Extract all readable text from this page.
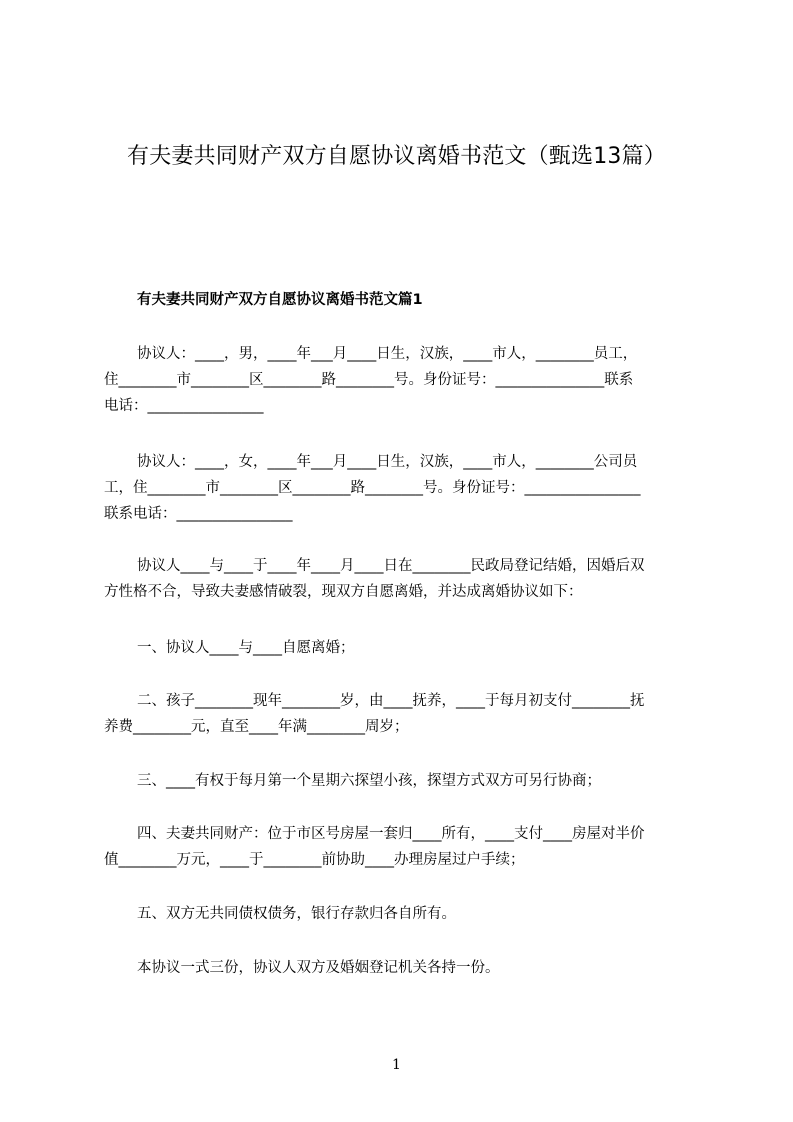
有夫妻共同财产双方自愿协议离婚书范文（甄选13篇）
有夫妻共同财产双方自愿协议离婚书范文篇1
协议人：____，男，____年___月____日生，汉族，____市人，________员工，
住________市________区________路________号。身份证号：_______________联系
电话：________________
协议人：____，女，____年___月____日生，汉族，____市人，________公司员
工，住________市________区________路________号。身份证号：________________
联系电话：________________
协议人____与____于____年____月____日在________民政局登记结婚，因婚后双
方性格不合，导致夫妻感情破裂，现双方自愿离婚，并达成离婚协议如下：
一、协议人____与____自愿离婚；
二、孩子________现年________岁，由____抚养，____于每月初支付________抚
养费________元，直至____年满________周岁；
三、____有权于每月第一个星期六探望小孩，探望方式双方可另行协商；
四、夫妻共同财产：位于市区号房屋一套归____所有，____支付____房屋对半价
值________万元，____于________前协助____办理房屋过户手续；
五、双方无共同债权债务，银行存款归各自所有。
本协议一式三份，协议人双方及婚姻登记机关各持一份。
1
